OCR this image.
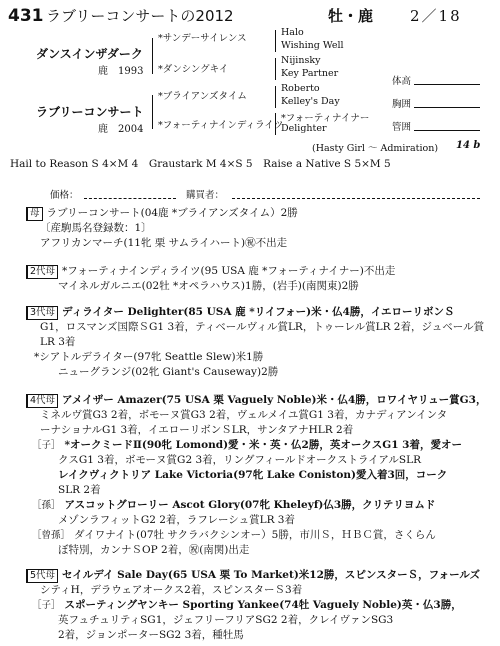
431 ラブリーコンサートの2012	牡・鹿 2／18
ダンスインザダーク
鹿　1993
*サンデーサイレンス
*ダンシングキイ
ラブリーコンサート
鹿　2004
*ブライアンズタイム
*フォーティナインディライツ
Halo
Wishing Well
Nijinsky
Key Partner
Roberto
Kelley's Day
*フォーティナイナー
Delighter
(Hasty Girl ～ Admiration) 14 b
体高
胸囲
管囲
Hail to Reason S 4×M 4　Graustark M 4×S 5　Raise a Native S 5×M 5
価格：	購買者：
母 ラブリーコンサート(04鹿 *ブライアンズタイム）2勝
〔産駒馬名登録数：1〕
アフリカンマーチ(11牝 栗 サムライハート)㊗不出走
2代母 *フォーティナインディライツ(95 USA 鹿 *フォーティナイナー)不出走
マイネルガルニエ(02牡 *オペラハウス)1勝，(岩手)(南関東)2勝
3代母 ディライター Delighter(85 USA 鹿 *リイフォー)米・仏4勝，イエローリボンＳ
G1，ロスマンズ国際ＳG1 3着，ティベールヴィル賞LR，トゥーレル賞LR 2着，ジュベール賞LR 3着
*シアトルデライター(97牝 Seattle Slew)米1勝
ニューグランジ(02牝 Giant's Causeway)2勝
4代母 アメイザー Amazer(75 USA 栗 Vaguely Noble)米・仏4勝，ロワイヤリュー賞G3，
ミネルヴ賞G3 2着，ボモーヌ賞G3 2着，ヴェルメイユ賞G1 3着，カナディアンインタ
ーナショナルG1 3着，イエローリボンＳLR，サンタアナHLR 2着
［子］ *オークミードⅡ(90牝 Lomond)愛・米・英・仏2勝，英オークスG1 3着，愛オー
クスG1 3着，ボモーヌ賞G2 3着，リングフィールドオークストライアルSLR
レイクヴィクトリア Lake Victoria(97牝 Lake Coniston)愛入着3回，コーク
SLR 2着
［孫］ アスコットグローリー Ascot Glory(07牝 Kheleyf)仏3勝，クリテリヨムド
メゾンラフィットG2 2着，ラフレーシュ賞LR 3着
［曾孫］ ダイワナイト(07牡 サクラバクシンオー）5勝，市川Ｓ，ＨＢＣ賞，さくらん
ぼ特別，カンナＳOP 2着，㊗(南関)出走
5代母 セイルデイ Sale Day(65 USA 栗 To Market)米12勝，スピンスターＳ，フォールズ
シティH，デラウェアオークス2着，スピンスターＳ3着
［子］ スポーティングヤンキー Sporting Yankee(74牡 Vaguely Noble)英・仏3勝，
英フュチュリティSG1，ジェフリーフリアSG2 2着，クレイヴァンSG3
2着，ジョンポーターSG2 3着，種牡馬
